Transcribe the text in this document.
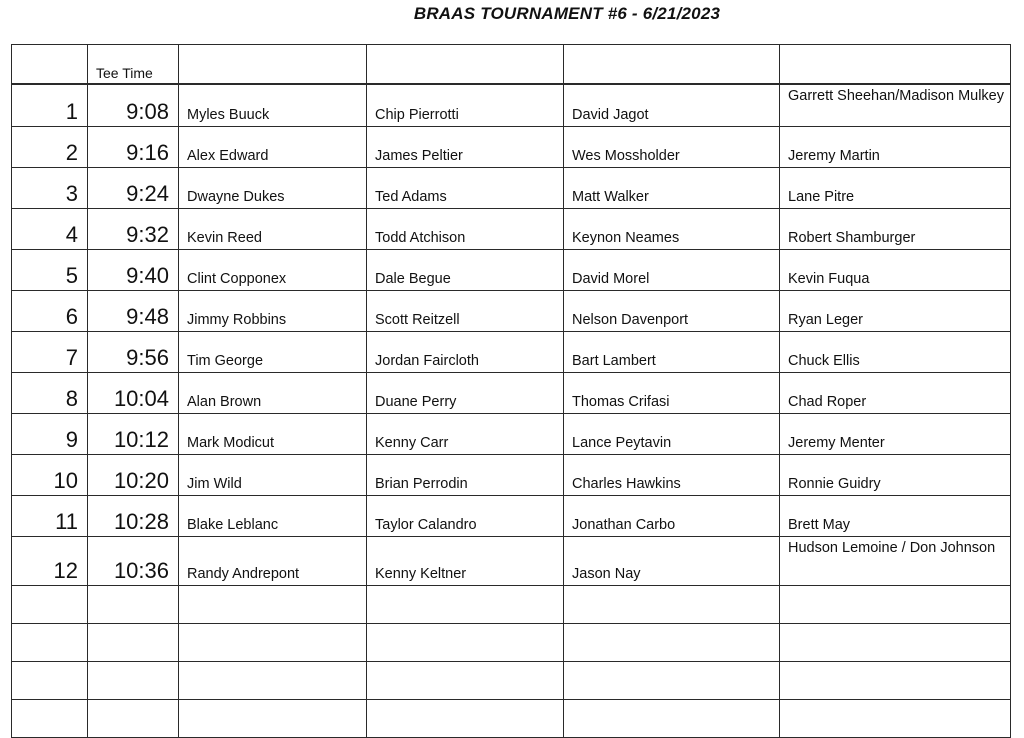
BRAAS TOURNAMENT #6 - 6/21/2023
	Tee Time				
1	9:08	Myles Buuck	Chip Pierrotti	David Jagot	Garrett Sheehan/Madison Mulkey
2	9:16	Alex Edward	James Peltier	Wes Mossholder	Jeremy Martin
3	9:24	Dwayne Dukes	Ted Adams	Matt Walker	Lane Pitre
4	9:32	Kevin Reed	Todd Atchison	Keynon Neames	Robert Shamburger
5	9:40	Clint Copponex	Dale Begue	David Morel	Kevin Fuqua
6	9:48	Jimmy Robbins	Scott Reitzell	Nelson Davenport	Ryan Leger
7	9:56	Tim George	Jordan Faircloth	Bart Lambert	Chuck Ellis
8	10:04	Alan Brown	Duane Perry	Thomas Crifasi	Chad Roper
9	10:12	Mark Modicut	Kenny Carr	Lance Peytavin	Jeremy Menter
10	10:20	Jim Wild	Brian Perrodin	Charles Hawkins	Ronnie Guidry
11	10:28	Blake Leblanc	Taylor Calandro	Jonathan Carbo	Brett May
12	10:36	Randy Andrepont	Kenny Keltner	Jason Nay	Hudson Lemoine / Don Johnson
